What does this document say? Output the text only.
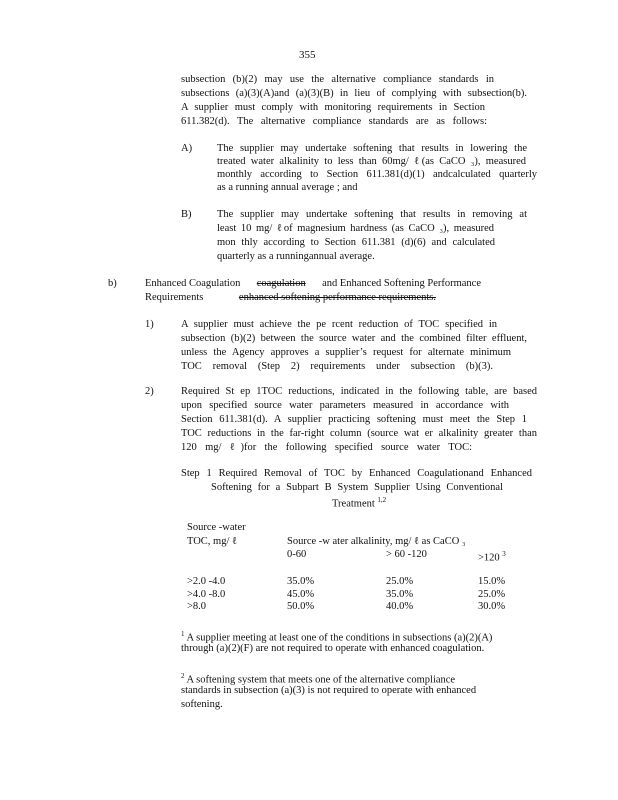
355
subsection (b)(2) may use the alternative compliance standards in
subsections (a)(3)(A)and (a)(3)(B) in lieu of complying with subsection(b).
A supplier must comply with monitoring requirements in Section
611.382(d). The alternative compliance standards are as follows:
A) The supplier may undertake softening that results in lowering the
treated water alkalinity to less than 60mg/ ℓ(as CaCO ₃), measured
monthly according to Section 611.381(d)(1) andcalculated quarterly
as a running annual average ; and
B) The supplier may undertake softening that results in removing at
least 10 mg/ ℓof magnesium hardness (as CaCO ₃), measured
mon thly according to Section 611.381 (d)(6) and calculated
quarterly as a runningannual average.
b)	Enhanced Coagulation coagulation and Enhanced Softening Performance
Requirements	enhanced softening performance requirements.
1)	A supplier must achieve the pe rcent reduction of TOC specified in
subsection (b)(2) between the source water and the combined filter effluent,
unless the Agency approves a supplier’s request for alternate minimum
TOC removal (Step 2) requirements under subsection (b)(3).
2)	Required St ep 1TOC reductions, indicated in the following table, are based
upon specified source water parameters measured in accordance with
Section 611.381(d). A supplier practicing softening must meet the Step 1
TOC reductions in the far-right column (source wat er alkalinity greater than
120 mg/ ℓ)for the following specified source water TOC:
Step 1 Required Removal of TOC by Enhanced Coagulationand Enhanced
Softening for a Subpart B System Supplier Using Conventional
Treatment $^{1,2}$
Source -water
TOC, mg/ ℓ	Source -w ater alkalinity, mg/ ℓ as CaCO ₃
0-60	> 60 -120	>120 $^3$
>2.0 -4.0	35.0%	25.0%	15.0%
>4.0 -8.0	45.0%	35.0%	25.0%
>8.0	50.0%	40.0%	30.0%
$^1$ A supplier meeting at least one of the conditions in subsections (a)(2)(A)
through (a)(2)(F) are not required to operate with enhanced coagulation.
$^2$ A softening system that meets one of the alternative compliance
standards in subsection (a)(3) is not required to operate with enhanced
softening.
